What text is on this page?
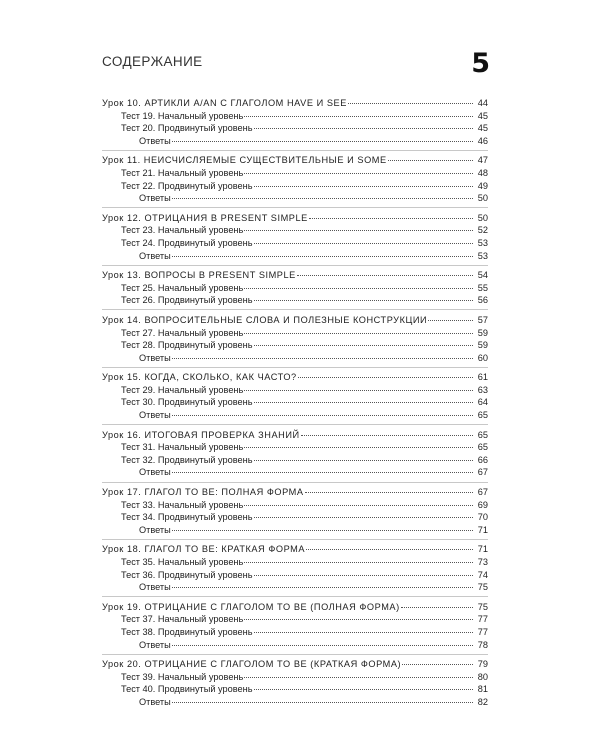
СОДЕРЖАНИЕ	5
Урок 10. АРТИКЛИ A/AN С ГЛАГОЛОМ HAVE И SEE	44
Тест 19. Начальный уровень	45
Тест 20. Продвинутый уровень	45
Ответы	46
Урок 11. НЕИСЧИСЛЯЕМЫЕ СУЩЕСТВИТЕЛЬНЫЕ И SOME	47
Тест 21. Начальный уровень	48
Тест 22. Продвинутый уровень	49
Ответы	50
Урок 12. ОТРИЦАНИЯ В PRESENT SIMPLE	50
Тест 23. Начальный уровень	52
Тест 24. Продвинутый уровень	53
Ответы	53
Урок 13. ВОПРОСЫ В PRESENT SIMPLE	54
Тест 25. Начальный уровень	55
Тест 26. Продвинутый уровень	56
Урок 14. ВОПРОСИТЕЛЬНЫЕ СЛОВА И ПОЛЕЗНЫЕ КОНСТРУКЦИИ	57
Тест 27. Начальный уровень	59
Тест 28. Продвинутый уровень	59
Ответы	60
Урок 15. КОГДА, СКОЛЬКО, КАК ЧАСТО?	61
Тест 29. Начальный уровень	63
Тест 30. Продвинутый уровень	64
Ответы	65
Урок 16. ИТОГОВАЯ ПРОВЕРКА ЗНАНИЙ	65
Тест 31. Начальный уровень	65
Тест 32. Продвинутый уровень	66
Ответы	67
Урок 17. ГЛАГОЛ TO BE: ПОЛНАЯ ФОРМА	67
Тест 33. Начальный уровень	69
Тест 34. Продвинутый уровень	70
Ответы	71
Урок 18. ГЛАГОЛ TO BE: КРАТКАЯ ФОРМА	71
Тест 35. Начальный уровень	73
Тест 36. Продвинутый уровень	74
Ответы	75
Урок 19. ОТРИЦАНИЕ С ГЛАГОЛОМ TO BE (ПОЛНАЯ ФОРМА)	75
Тест 37. Начальный уровень	77
Тест 38. Продвинутый уровень	77
Ответы	78
Урок 20. ОТРИЦАНИЕ С ГЛАГОЛОМ TO BE (КРАТКАЯ ФОРМА)	79
Тест 39. Начальный уровень	80
Тест 40. Продвинутый уровень	81
Ответы	82
